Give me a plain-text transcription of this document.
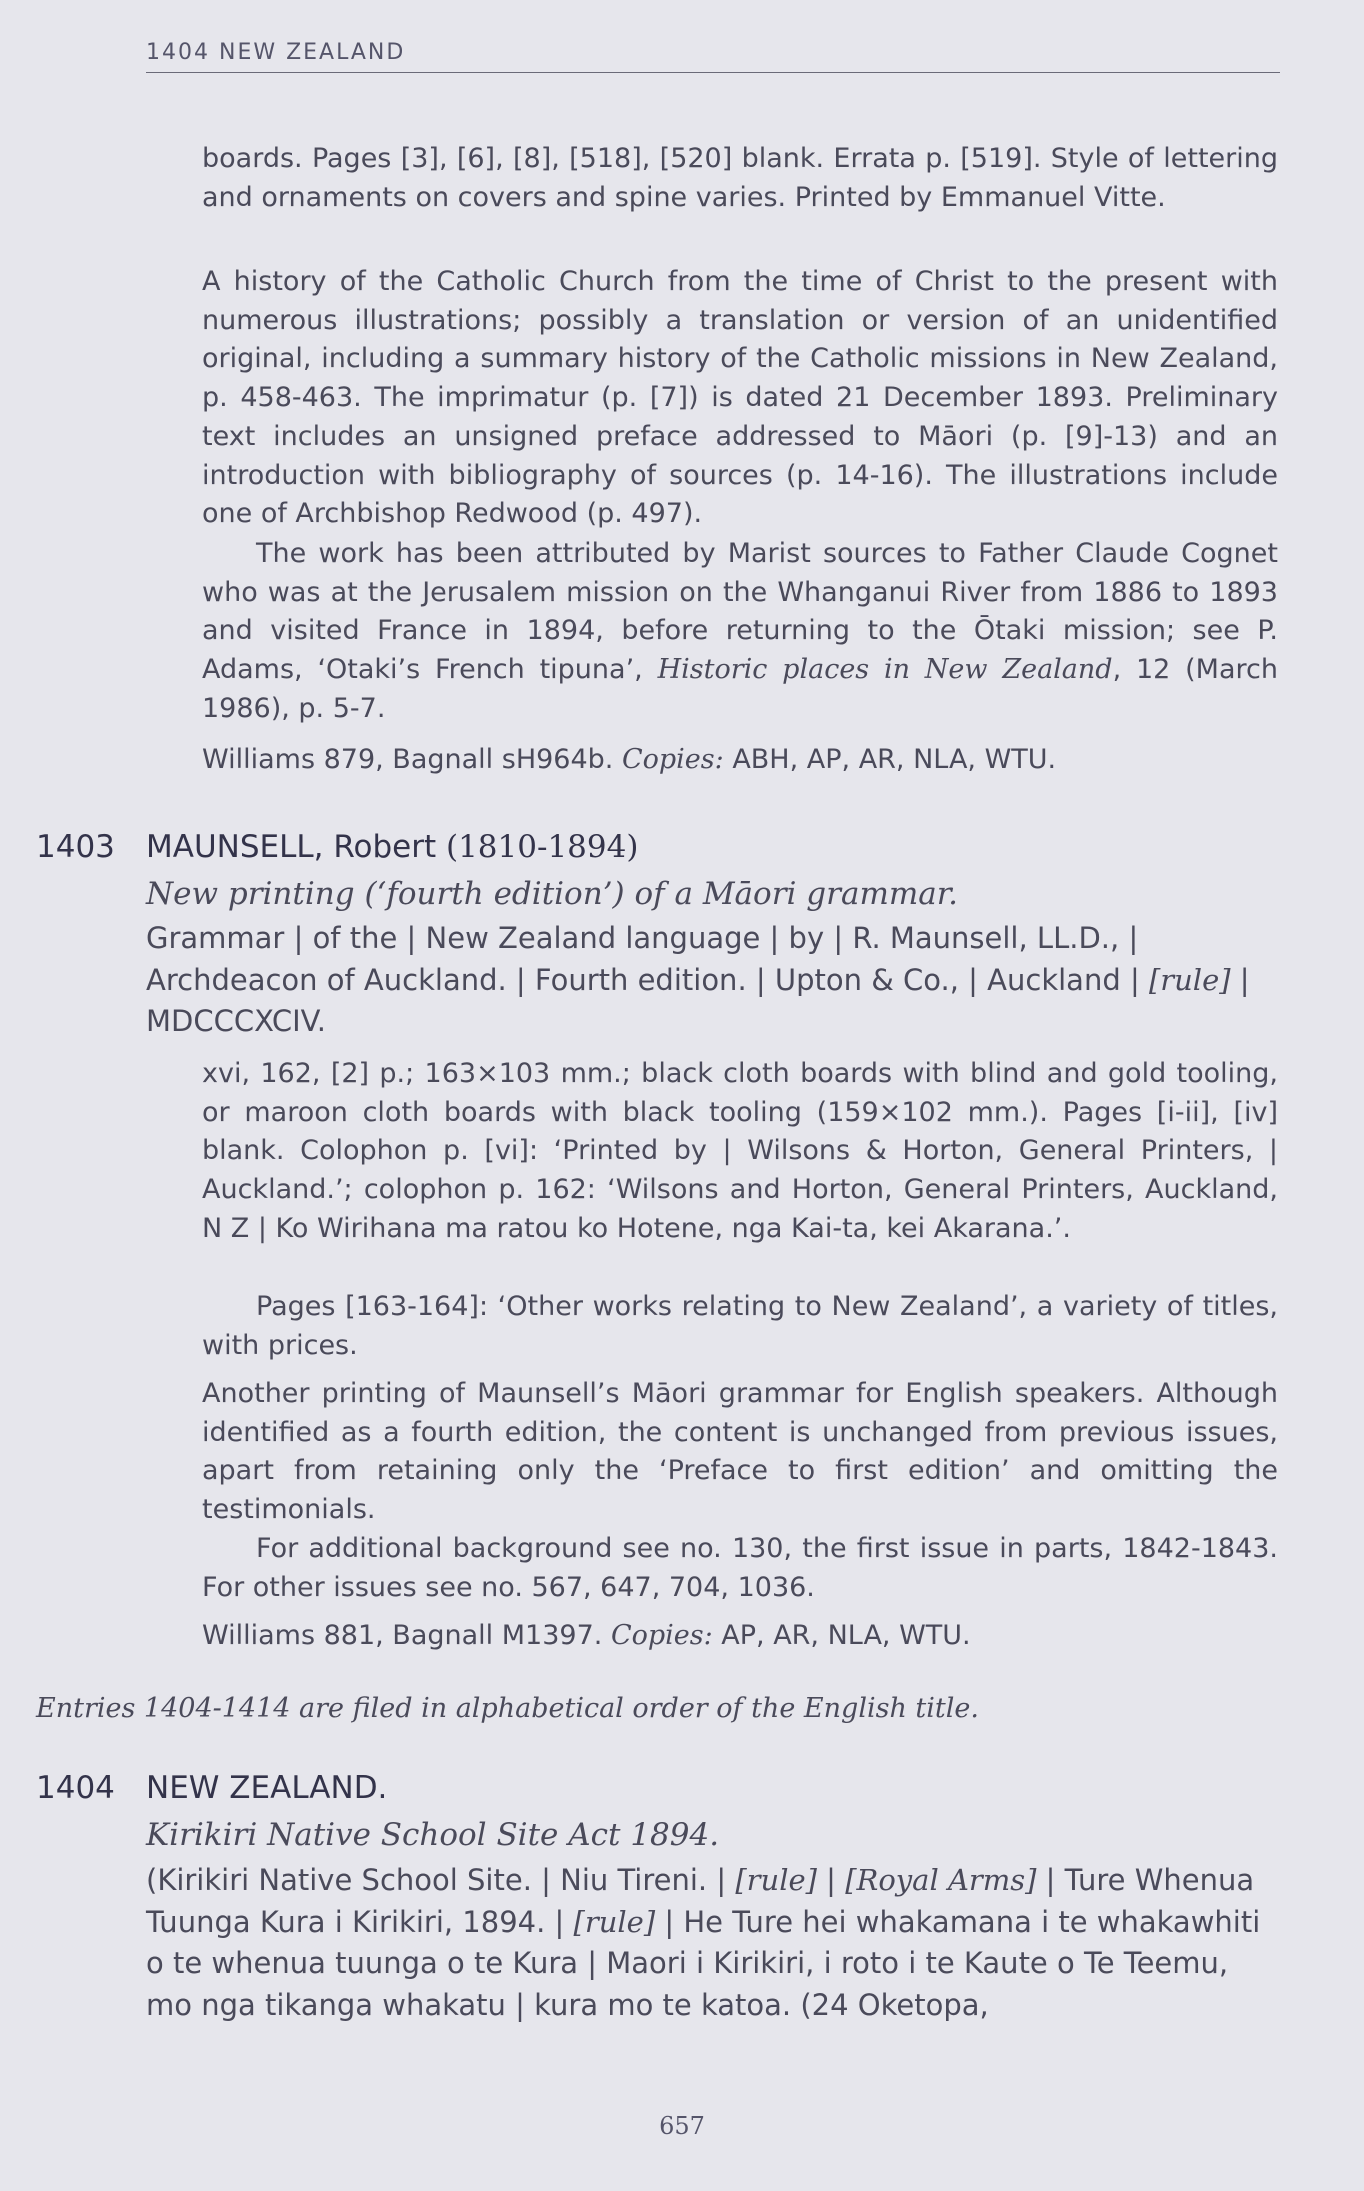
1404 NEW ZEALAND
boards. Pages [3], [6], [8], [518], [520] blank. Errata p. [519]. Style of lettering and ornaments on covers and spine varies. Printed by Emmanuel Vitte.
A history of the Catholic Church from the time of Christ to the present with numerous illustrations; possibly a translation or version of an unidentified original, including a summary history of the Catholic missions in New Zealand, p. 458-463. The imprimatur (p. [7]) is dated 21 December 1893. Preliminary text includes an unsigned preface addressed to Māori (p. [9]-13) and an introduction with bibliography of sources (p. 14-16). The illustrations include one of Archbishop Redwood (p. 497).
The work has been attributed by Marist sources to Father Claude Cognet who was at the Jerusalem mission on the Whanganui River from 1886 to 1893 and visited France in 1894, before returning to the Ōtaki mission; see P. Adams, ‘Otaki’s French tipuna’, Historic places in New Zealand, 12 (March 1986), p. 5-7.
Williams 879, Bagnall sH964b. Copies: ABH, AP, AR, NLA, WTU.
1403 MAUNSELL, Robert (1810-1894)
New printing (‘fourth edition’) of a Māori grammar.
Grammar | of the | New Zealand language | by | R. Maunsell, LL.D., | Archdeacon of Auckland. | Fourth edition. | Upton & Co., | Auckland | [rule] | MDCCCXCIV.
xvi, 162, [2] p.; 163×103 mm.; black cloth boards with blind and gold tooling, or maroon cloth boards with black tooling (159×102 mm.). Pages [i-ii], [iv] blank. Colophon p. [vi]: ‘Printed by | Wilsons & Horton, General Printers, | Auckland.’; colophon p. 162: ‘Wilsons and Horton, General Printers, Auckland, N Z | Ko Wirihana ma ratou ko Hotene, nga Kai-ta, kei Akarana.’.
Pages [163-164]: ‘Other works relating to New Zealand’, a variety of titles, with prices.
Another printing of Maunsell’s Māori grammar for English speakers. Although identified as a fourth edition, the content is unchanged from previous issues, apart from retaining only the ‘Preface to first edition’ and omitting the testimonials.
For additional background see no. 130, the first issue in parts, 1842-1843. For other issues see no. 567, 647, 704, 1036.
Williams 881, Bagnall M1397. Copies: AP, AR, NLA, WTU.
Entries 1404-1414 are filed in alphabetical order of the English title.
1404 NEW ZEALAND.
Kirikiri Native School Site Act 1894.
(Kirikiri Native School Site. | Niu Tireni. | [rule] | [Royal Arms] | Ture Whenua Tuunga Kura i Kirikiri, 1894. | [rule] | He Ture hei whakamana i te whakawhiti o te whenua tuunga o te Kura | Maori i Kirikiri, i roto i te Kaute o Te Teemu, mo nga tikanga whakatu | kura mo te katoa. (24 Oketopa,
657
